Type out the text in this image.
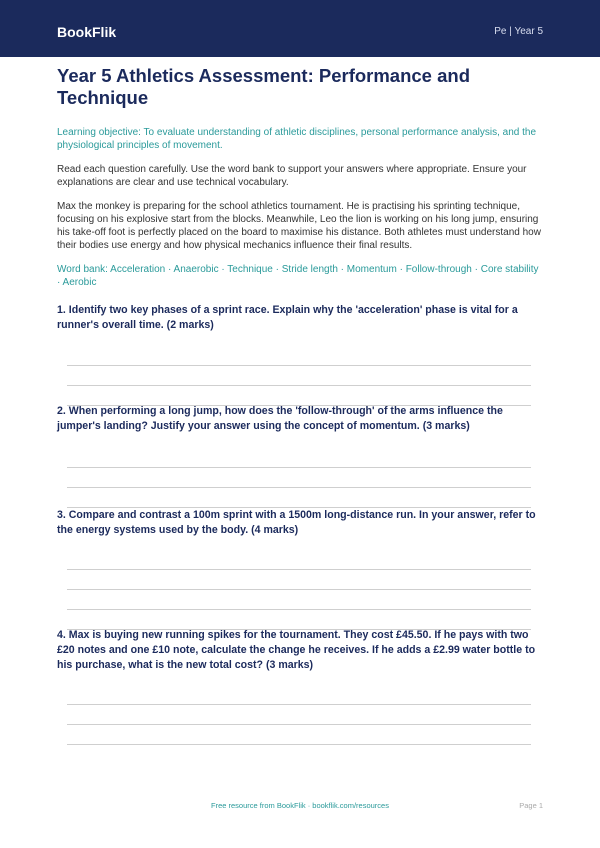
BookFlik	Pe | Year 5
Year 5 Athletics Assessment: Performance and Technique

Learning objective: To evaluate understanding of athletic disciplines, personal performance analysis, and the physiological principles of movement.

Read each question carefully. Use the word bank to support your answers where appropriate. Ensure your explanations are clear and use technical vocabulary.

Max the monkey is preparing for the school athletics tournament. He is practising his sprinting technique, focusing on his explosive start from the blocks. Meanwhile, Leo the lion is working on his long jump, ensuring his take-off foot is perfectly placed on the board to maximise his distance. Both athletes must understand how their bodies use energy and how physical mechanics influence their final results.

Word bank: Acceleration · Anaerobic · Technique · Stride length · Momentum · Follow-through · Core stability · Aerobic

1. Identify two key phases of a sprint race. Explain why the 'acceleration' phase is vital for a runner's overall time. (2 marks)

2. When performing a long jump, how does the 'follow-through' of the arms influence the jumper's landing? Justify your answer using the concept of momentum. (3 marks)

3. Compare and contrast a 100m sprint with a 1500m long-distance run. In your answer, refer to the energy systems used by the body. (4 marks)

4. Max is buying new running spikes for the tournament. They cost £45.50. If he pays with two £20 notes and one £10 note, calculate the change he receives. If he adds a £2.99 water bottle to his purchase, what is the new total cost? (3 marks)

Free resource from BookFlik · bookflik.com/resources	Page 1
